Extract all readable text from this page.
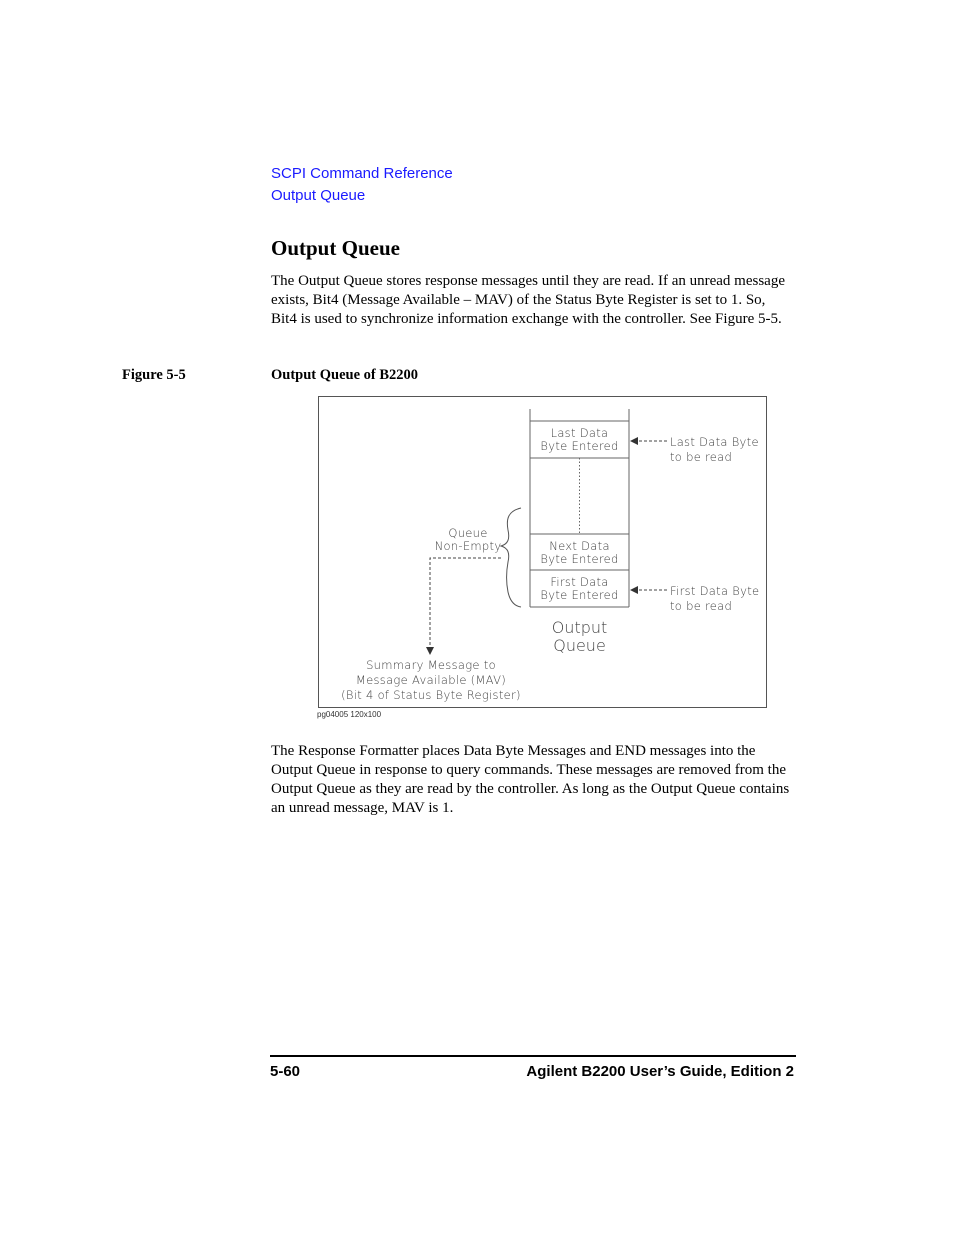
SCPI Command Reference
Output Queue
Output Queue

The Output Queue stores response messages until they are read. If an unread message exists, Bit4 (Message Available – MAV) of the Status Byte Register is set to 1. So, Bit4 is used to synchronize information exchange with the controller. See Figure 5-5.

Figure 5-5	Output Queue of B2200
Last Data
Byte Entered
Next Data
Byte Entered
First Data
Byte Entered
Last Data Byte
to be read
First Data Byte
to be read
Queue
Non-Empty
Summary Message to
Message Available (MAV)
(Bit 4 of Status Byte Register)
Output
Queue
pg04005 120x100

The Response Formatter places Data Byte Messages and END messages into the Output Queue in response to query commands. These messages are removed from the Output Queue as they are read by the controller. As long as the Output Queue contains an unread message, MAV is 1.

5-60	Agilent B2200 User’s Guide, Edition 2
